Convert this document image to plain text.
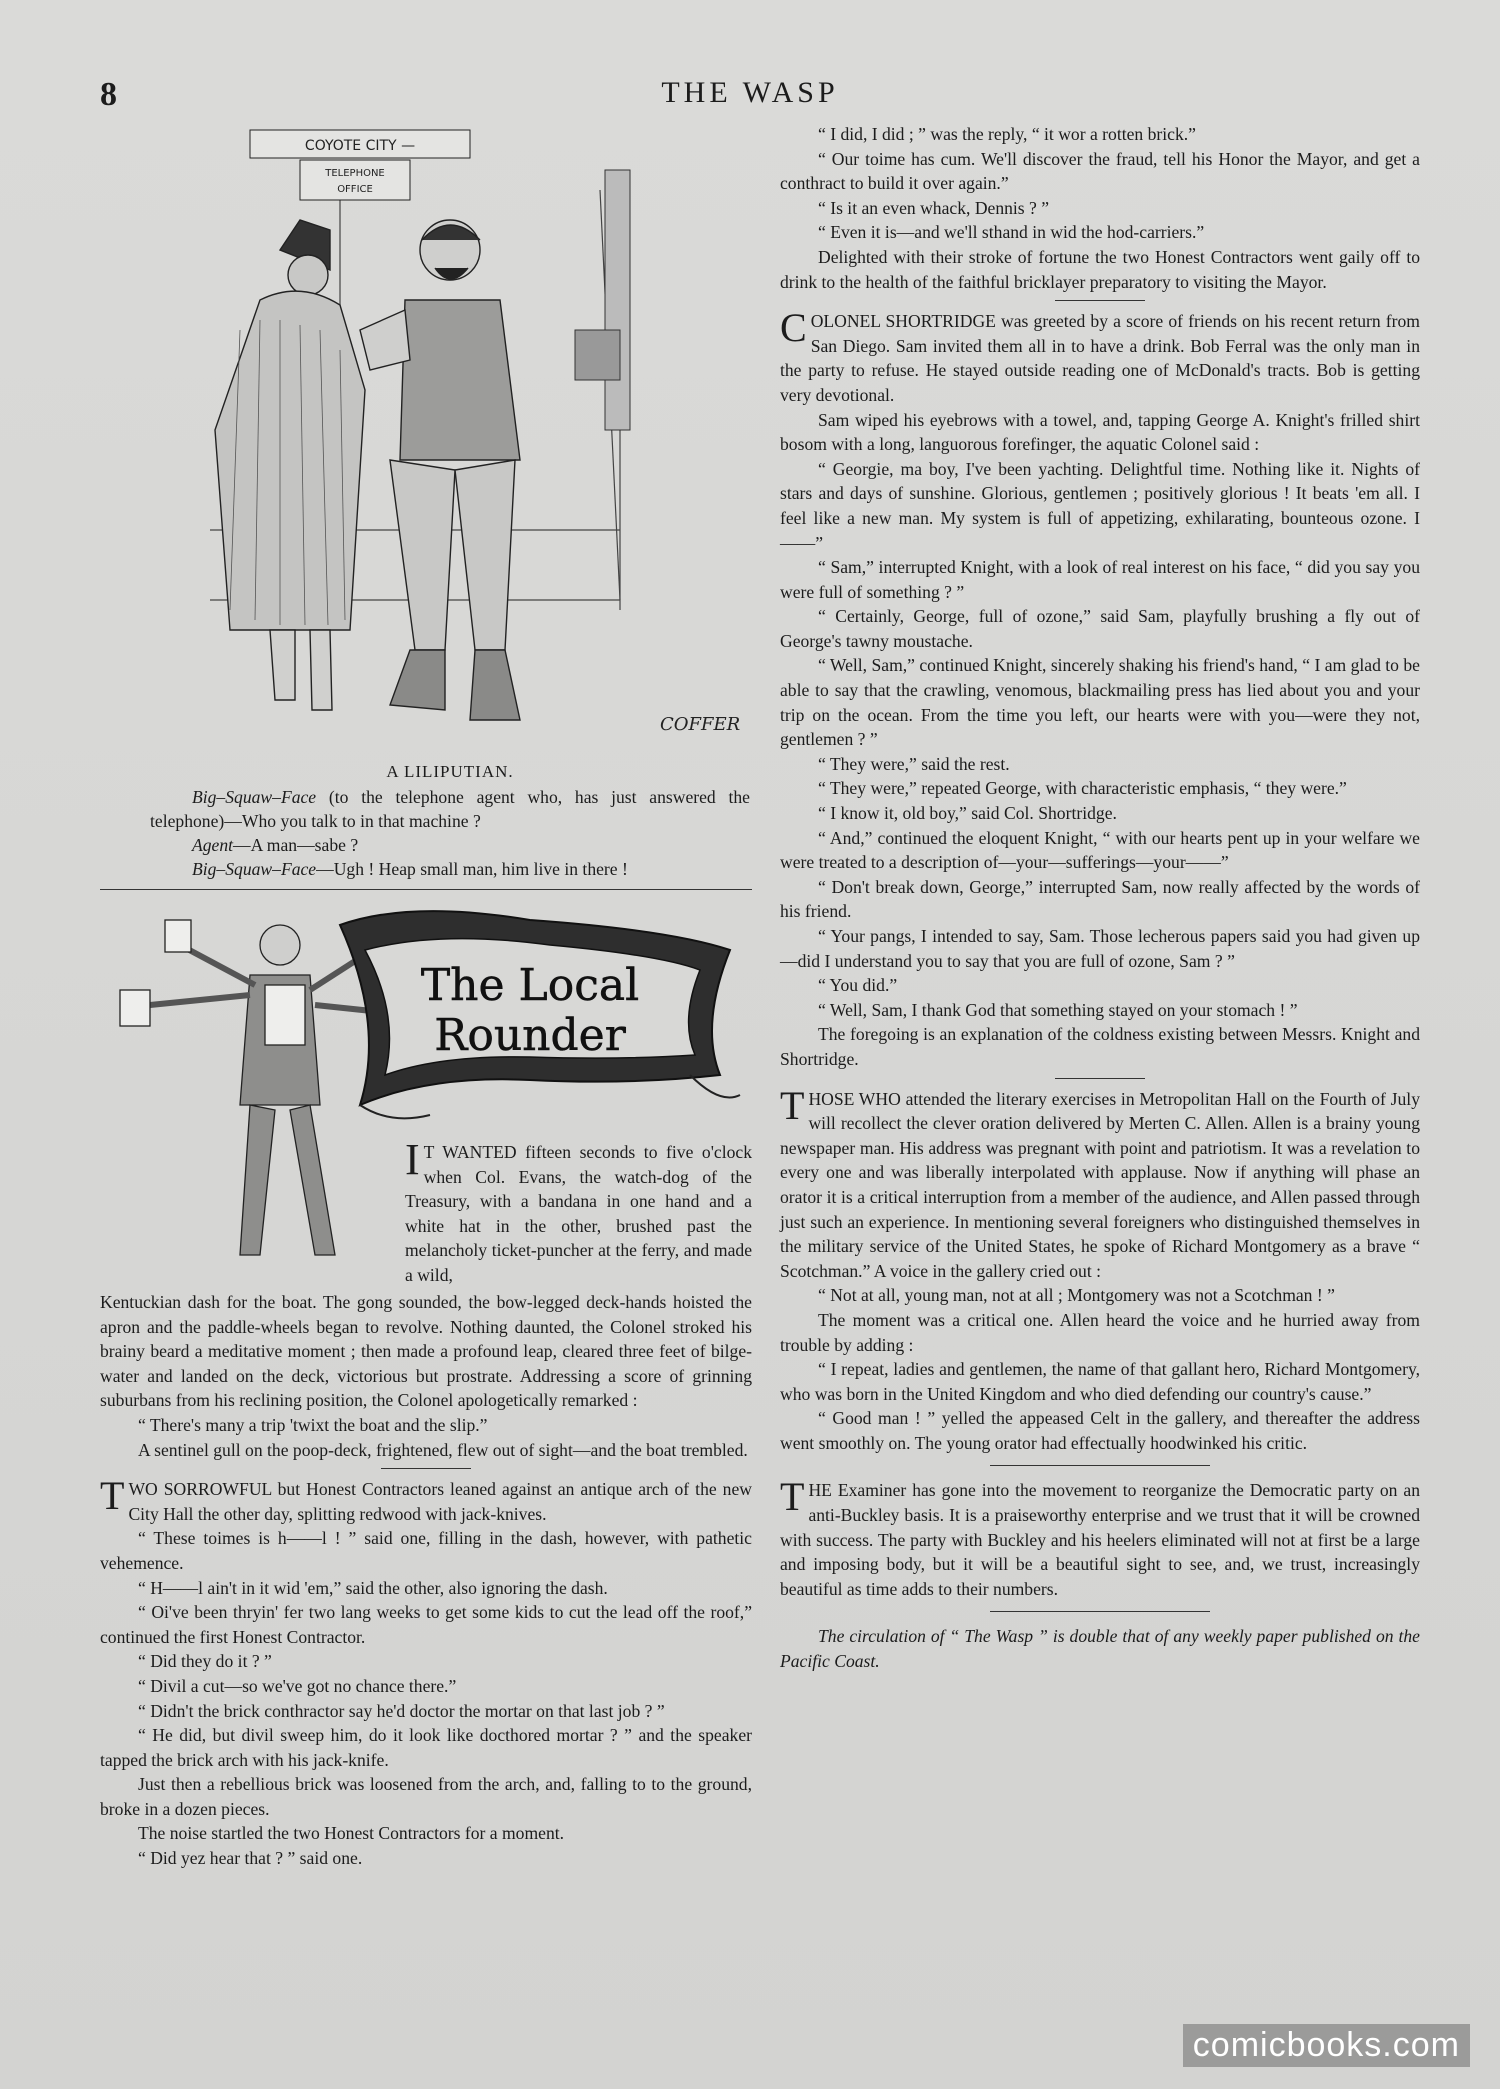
8	THE WASP
COYOTE CITY —
TELEPHONE
OFFICE
COFFER
A LILIPUTIAN.

Big–Squaw–Face (to the telephone agent who, has just answered the telephone)—Who you talk to in that machine ?

Agent—A man—sabe ?

Big–Squaw–Face—Ugh ! Heap small man, him live in there !

The Local
Rounder

I T WANTED fifteen seconds to five o'clock when Col. Evans, the watch-dog of the Treasury, with a bandana in one hand and a white hat in the other, brushed past the melancholy ticket-puncher at the ferry, and made a wild,

Kentuckian dash for the boat. The gong sounded, the bow-legged deck-hands hoisted the apron and the paddle-wheels began to revolve. Nothing daunted, the Colonel stroked his brainy beard a meditative moment ; then made a profound leap, cleared three feet of bilge-water and landed on the deck, victorious but prostrate. Addressing a score of grinning suburbans from his reclining position, the Colonel apologetically remarked :

“ There's many a trip 'twixt the boat and the slip.”

A sentinel gull on the poop-deck, frightened, flew out of sight—and the boat trembled.

TWO SORROWFUL but Honest Contractors leaned against an antique arch of the new City Hall the other day, splitting redwood with jack-knives.

“ These toimes is h——l ! ” said one, filling in the dash, however, with pathetic vehemence.

“ H——l ain't in it wid 'em,” said the other, also ignoring the dash.

“ Oi've been thryin' fer two lang weeks to get some kids to cut the lead off the roof,” continued the first Honest Contractor.

“ Did they do it ? ”

“ Divil a cut—so we've got no chance there.”

“ Didn't the brick conthractor say he'd doctor the mortar on that last job ? ”

“ He did, but divil sweep him, do it look like docthored mortar ? ” and the speaker tapped the brick arch with his jack-knife.

Just then a rebellious brick was loosened from the arch, and, falling to to the ground, broke in a dozen pieces.

The noise startled the two Honest Contractors for a moment.

“ Did yez hear that ? ” said one.

“ I did, I did ; ” was the reply, “ it wor a rotten brick.”

“ Our toime has cum. We'll discover the fraud, tell his Honor the Mayor, and get a conthract to build it over again.”

“ Is it an even whack, Dennis ? ”

“ Even it is—and we'll sthand in wid the hod-carriers.”

Delighted with their stroke of fortune the two Honest Contractors went gaily off to drink to the health of the faithful bricklayer preparatory to visiting the Mayor.

COLONEL SHORTRIDGE was greeted by a score of friends on his recent return from San Diego. Sam invited them all in to have a drink. Bob Ferral was the only man in the party to refuse. He stayed outside reading one of McDonald's tracts. Bob is getting very devotional.

Sam wiped his eyebrows with a towel, and, tapping George A. Knight's frilled shirt bosom with a long, languorous forefinger, the aquatic Colonel said :

“ Georgie, ma boy, I've been yachting. Delightful time. Nothing like it. Nights of stars and days of sunshine. Glorious, gentlemen ; positively glorious ! It beats 'em all. I feel like a new man. My system is full of appetizing, exhilarating, bounteous ozone. I——”

“ Sam,” interrupted Knight, with a look of real interest on his face, “ did you say you were full of something ? ”

“ Certainly, George, full of ozone,” said Sam, playfully brushing a fly out of George's tawny moustache.

“ Well, Sam,” continued Knight, sincerely shaking his friend's hand, “ I am glad to be able to say that the crawling, venomous, blackmailing press has lied about you and your trip on the ocean. From the time you left, our hearts were with you—were they not, gentlemen ? ”

“ They were,” said the rest.

“ They were,” repeated George, with characteristic emphasis, “ they were.”

“ I know it, old boy,” said Col. Shortridge.

“ And,” continued the eloquent Knight, “ with our hearts pent up in your welfare we were treated to a description of—your—sufferings—your——”

“ Don't break down, George,” interrupted Sam, now really affected by the words of his friend.

“ Your pangs, I intended to say, Sam. Those lecherous papers said you had given up—did I understand you to say that you are full of ozone, Sam ? ”

“ You did.”

“ Well, Sam, I thank God that something stayed on your stomach ! ”

The foregoing is an explanation of the coldness existing between Messrs. Knight and Shortridge.

THOSE WHO attended the literary exercises in Metropolitan Hall on the Fourth of July will recollect the clever oration delivered by Merten C. Allen. Allen is a brainy young newspaper man. His address was pregnant with point and patriotism. It was a revelation to every one and was liberally interpolated with applause. Now if anything will phase an orator it is a critical interruption from a member of the audience, and Allen passed through just such an experience. In mentioning several foreigners who distinguished themselves in the military service of the United States, he spoke of Richard Montgomery as a brave “ Scotchman.” A voice in the gallery cried out :

“ Not at all, young man, not at all ; Montgomery was not a Scotchman ! ”

The moment was a critical one. Allen heard the voice and he hurried away from trouble by adding :

“ I repeat, ladies and gentlemen, the name of that gallant hero, Richard Montgomery, who was born in the United Kingdom and who died defending our country's cause.”

“ Good man ! ” yelled the appeased Celt in the gallery, and thereafter the address went smoothly on. The young orator had effectually hoodwinked his critic.

THE Examiner has gone into the movement to reorganize the Democratic party on an anti-Buckley basis. It is a praiseworthy enterprise and we trust that it will be crowned with success. The party with Buckley and his heelers eliminated will not at first be a large and imposing body, but it will be a beautiful sight to see, and, we trust, increasingly beautiful as time adds to their numbers.

The circulation of “ The Wasp ” is double that of any weekly paper published on the Pacific Coast.

comicbooks.com
